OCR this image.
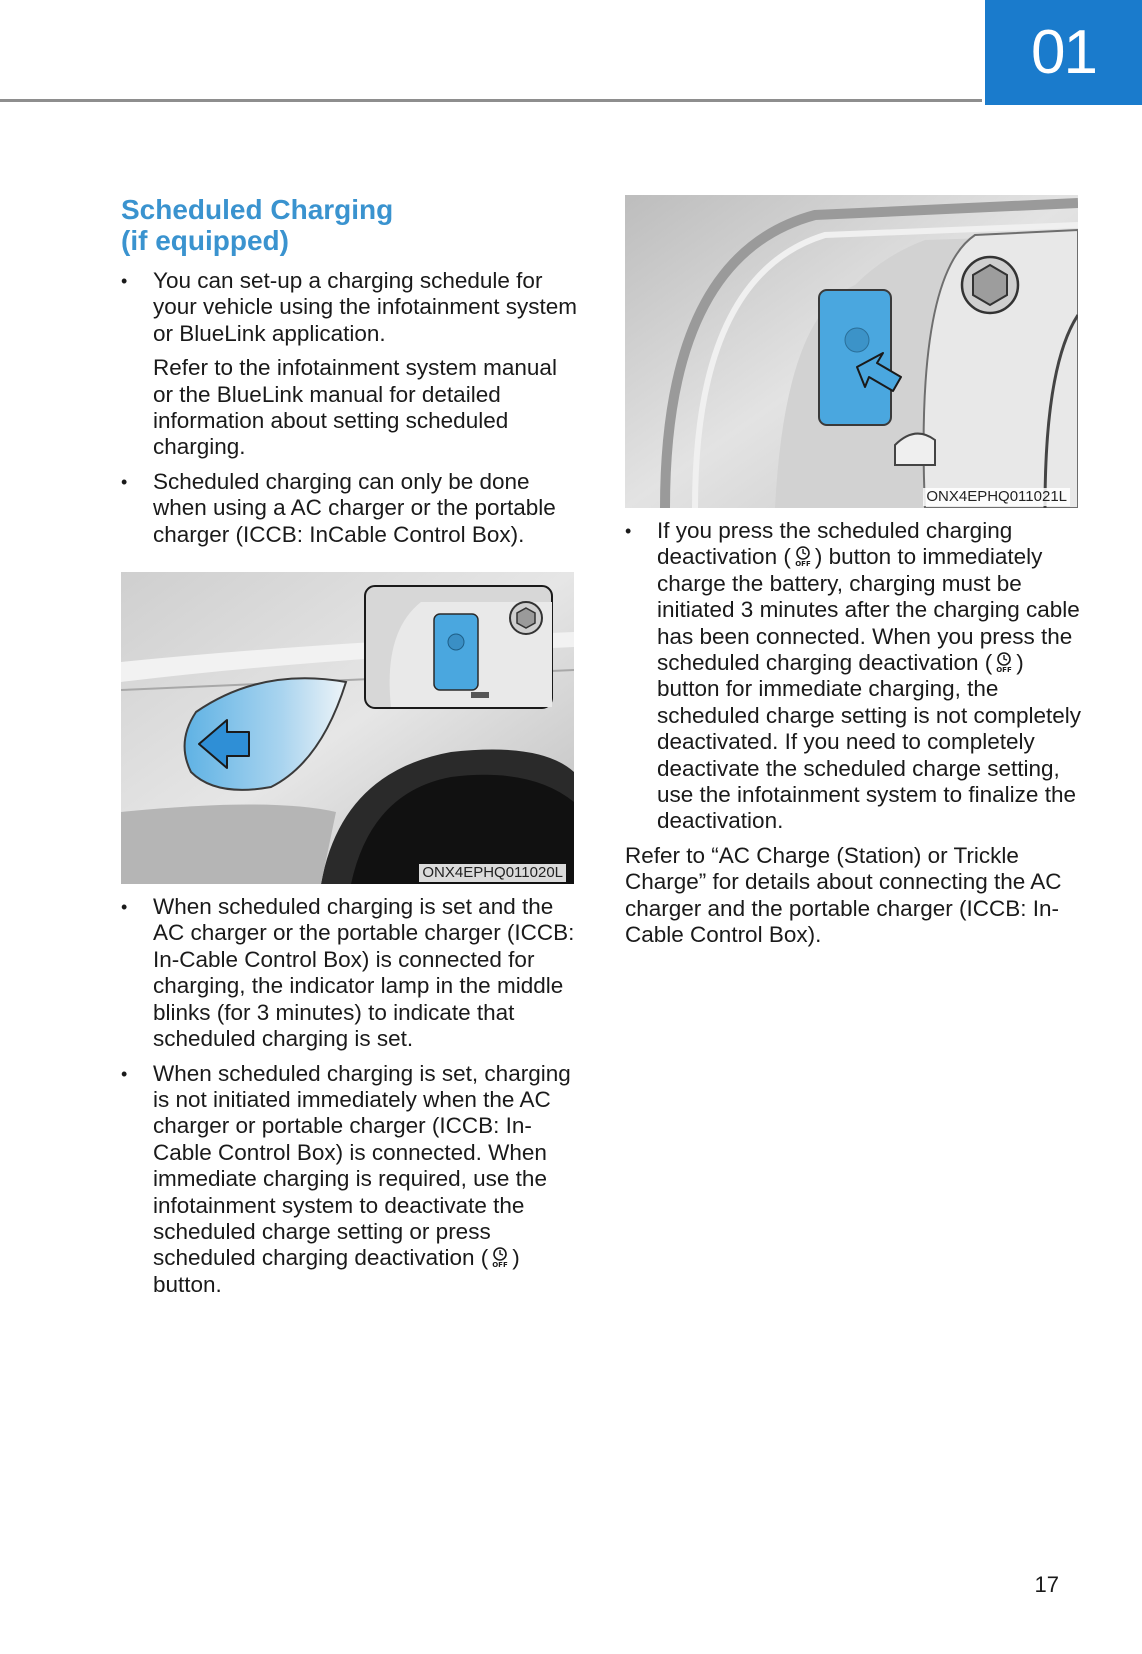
01
Scheduled Charging
(if equipped)
• You can set-up a charging schedule for your vehicle using the infotainment system or BlueLink application.
Refer to the infotainment system manual or the BlueLink manual for detailed information about setting scheduled charging.
• Scheduled charging can only be done when using a AC charger or the portable charger (ICCB: InCable Control Box).
ONX4EPHQ011020L
• When scheduled charging is set and the AC charger or the portable charger (ICCB: In-Cable Control Box) is connected for charging, the indicator lamp in the middle blinks (for 3 minutes) to indicate that scheduled charging is set.
• When scheduled charging is set, charging is not initiated immediately when the AC charger or portable charger (ICCB: In-Cable Control Box) is connected. When immediate charging is required, use the infotainment system to deactivate the scheduled charge setting or press scheduled charging deactivation ( OFF ) button.
ONX4EPHQ011021L
• If you press the scheduled charging deactivation ( OFF ) button to immediately charge the battery, charging must be initiated 3 minutes after the charging cable has been connected. When you press the scheduled charging deactivation ( OFF ) button for immediate charging, the scheduled charge setting is not completely deactivated. If you need to completely deactivate the scheduled charge setting, use the infotainment system to finalize the deactivation.

Refer to “AC Charge (Station) or Trickle Charge” for details about connecting the AC charger and the portable charger (ICCB: In-Cable Control Box).

17
